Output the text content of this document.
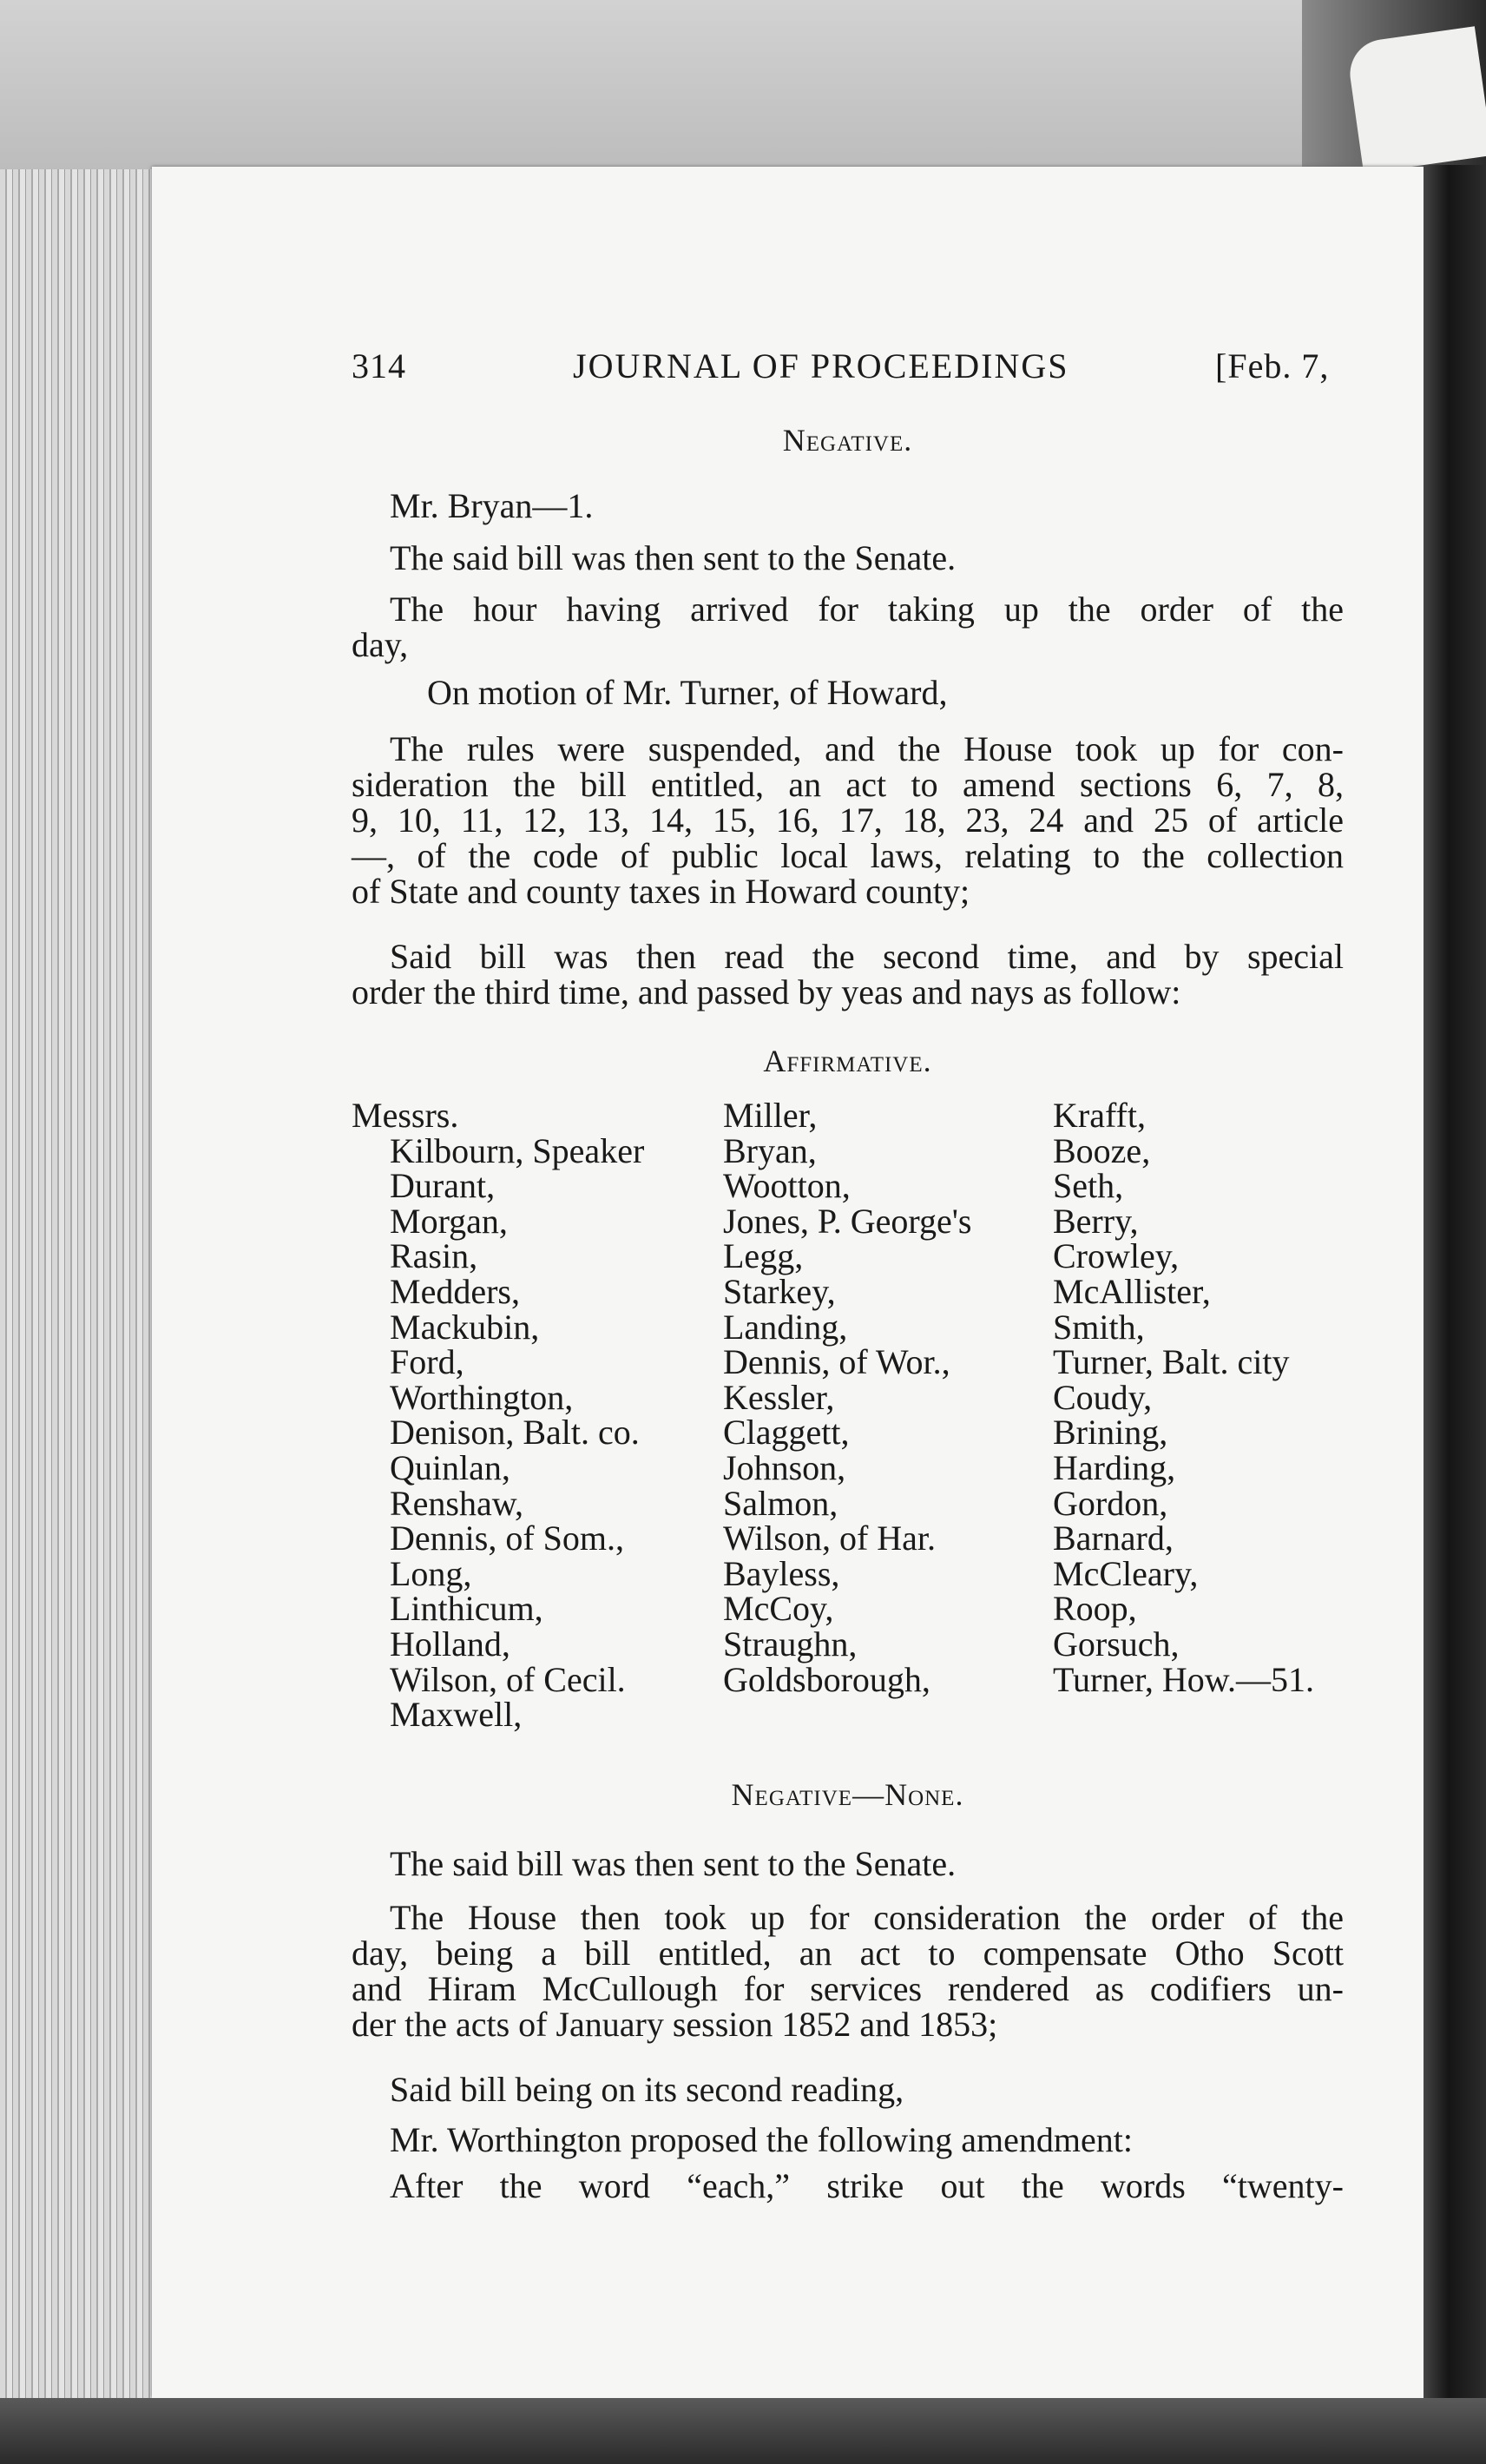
314	JOURNAL OF PROCEEDINGS	[Feb. 7,
Negative.
Mr. Bryan—1.
The said bill was then sent to the Senate.
The hour having arrived for taking up the order of the
day,
On motion of Mr. Turner, of Howard,
The rules were suspended, and the House took up for con-
sideration the bill entitled, an act to amend sections 6, 7, 8,
9, 10, 11, 12, 13, 14, 15, 16, 17, 18, 23, 24 and 25 of article
—, of the code of public local laws, relating to the collection
of State and county taxes in Howard county;
Said bill was then read the second time, and by special
order the third time, and passed by yeas and nays as follow:
Affirmative.
Messrs.
Kilbourn, Speaker
Durant,
Morgan,
Rasin,
Medders,
Mackubin,
Ford,
Worthington,
Denison, Balt. co.
Quinlan,
Renshaw,
Dennis, of Som.,
Long,
Linthicum,
Holland,
Wilson, of Cecil.
Maxwell,
Miller,
Bryan,
Wootton,
Jones, P. George's
Legg,
Starkey,
Landing,
Dennis, of Wor.,
Kessler,
Claggett,
Johnson,
Salmon,
Wilson, of Har.
Bayless,
McCoy,
Straughn,
Goldsborough,
Krafft,
Booze,
Seth,
Berry,
Crowley,
McAllister,
Smith,
Turner, Balt. city
Coudy,
Brining,
Harding,
Gordon,
Barnard,
McCleary,
Roop,
Gorsuch,
Turner, How.—51.
Negative—None.
The said bill was then sent to the Senate.
The House then took up for consideration the order of the
day, being a bill entitled, an act to compensate Otho Scott
and Hiram McCullough for services rendered as codifiers un-
der the acts of January session 1852 and 1853;
Said bill being on its second reading,
Mr. Worthington proposed the following amendment:
After the word “each,” strike out the words “twenty-
